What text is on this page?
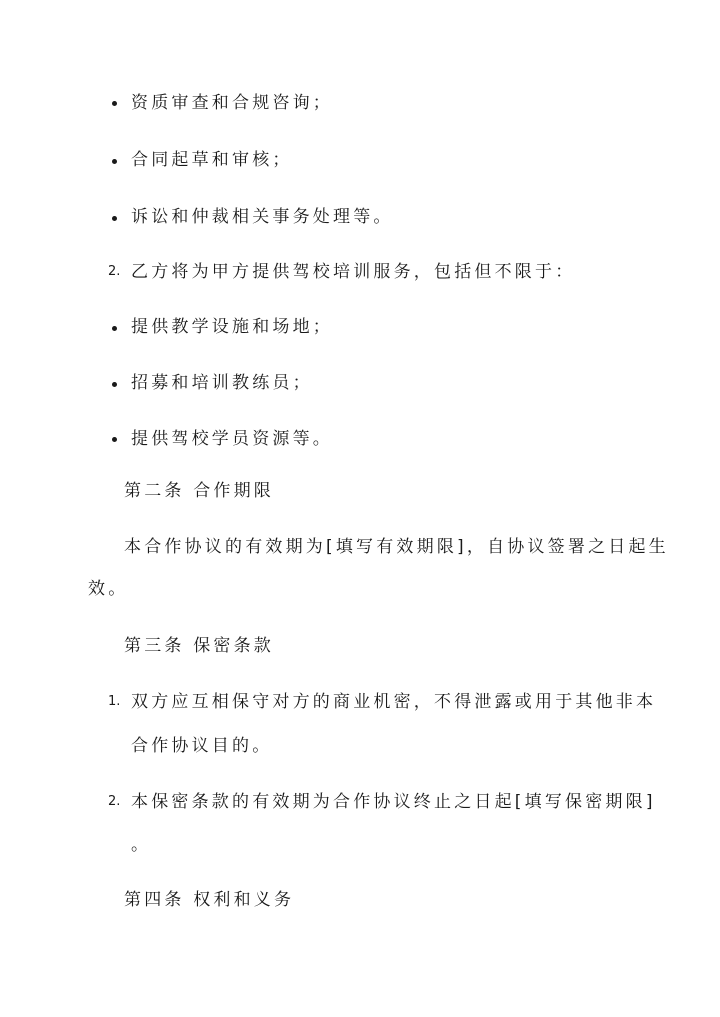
资质审查和合规咨询；
合同起草和审核；
诉讼和仲裁相关事务处理等。
2. 乙方将为甲方提供驾校培训服务，包括但不限于：
提供教学设施和场地；
招募和培训教练员；
提供驾校学员资源等。
第二条 合作期限
本合作协议的有效期为[填写有效期限]，自协议签署之日起生
效。
第三条 保密条款
1. 双方应互相保守对方的商业机密，不得泄露或用于其他非本
合作协议目的。
2. 本保密条款的有效期为合作协议终止之日起[填写保密期限]
。
第四条 权利和义务
